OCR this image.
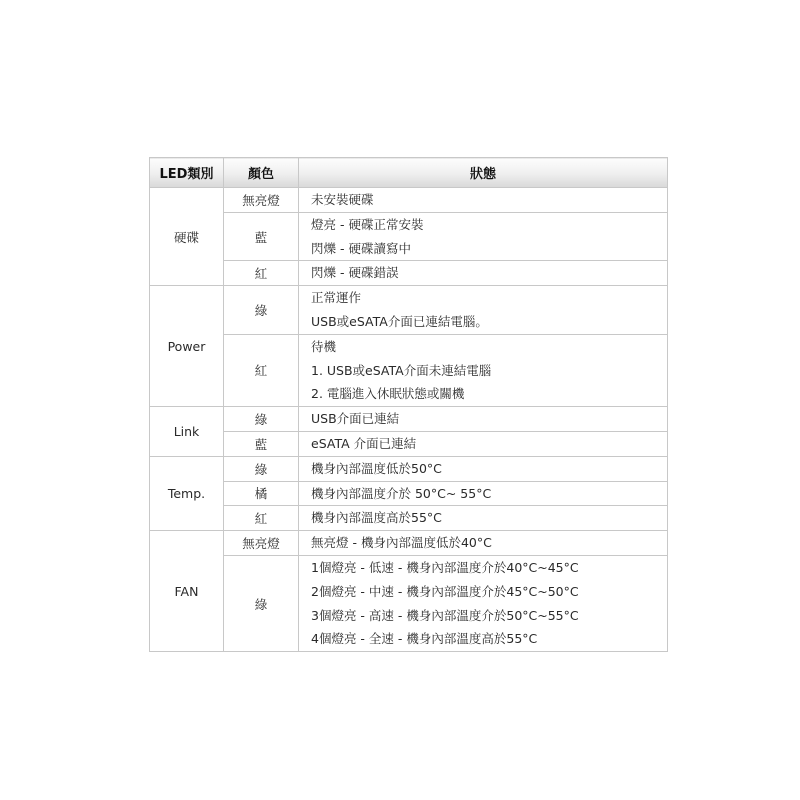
LED類別	顏色	狀態
硬碟	無亮燈	未安裝硬碟

	藍	燈亮 - 硬碟正常安裝
閃爍 - 硬碟讀寫中

	紅	閃爍 - 硬碟錯誤

Power	綠	正常運作
USB或eSATA介面已連結電腦。

	紅	待機
1. USB或eSATA介面未連結電腦
2. 電腦進入休眠狀態或關機

Link	綠	USB介面已連結

	藍	eSATA 介面已連結

Temp.	綠	機身內部溫度低於50°C

	橘	機身內部溫度介於 50°C~ 55°C

	紅	機身內部溫度高於55°C

FAN	無亮燈	無亮燈 - 機身內部溫度低於40°C

	綠	1個燈亮 - 低速 - 機身內部溫度介於40°C~45°C
2個燈亮 - 中速 - 機身內部溫度介於45°C~50°C
3個燈亮 - 高速 - 機身內部溫度介於50°C~55°C
4個燈亮 - 全速 - 機身內部溫度高於55°C
